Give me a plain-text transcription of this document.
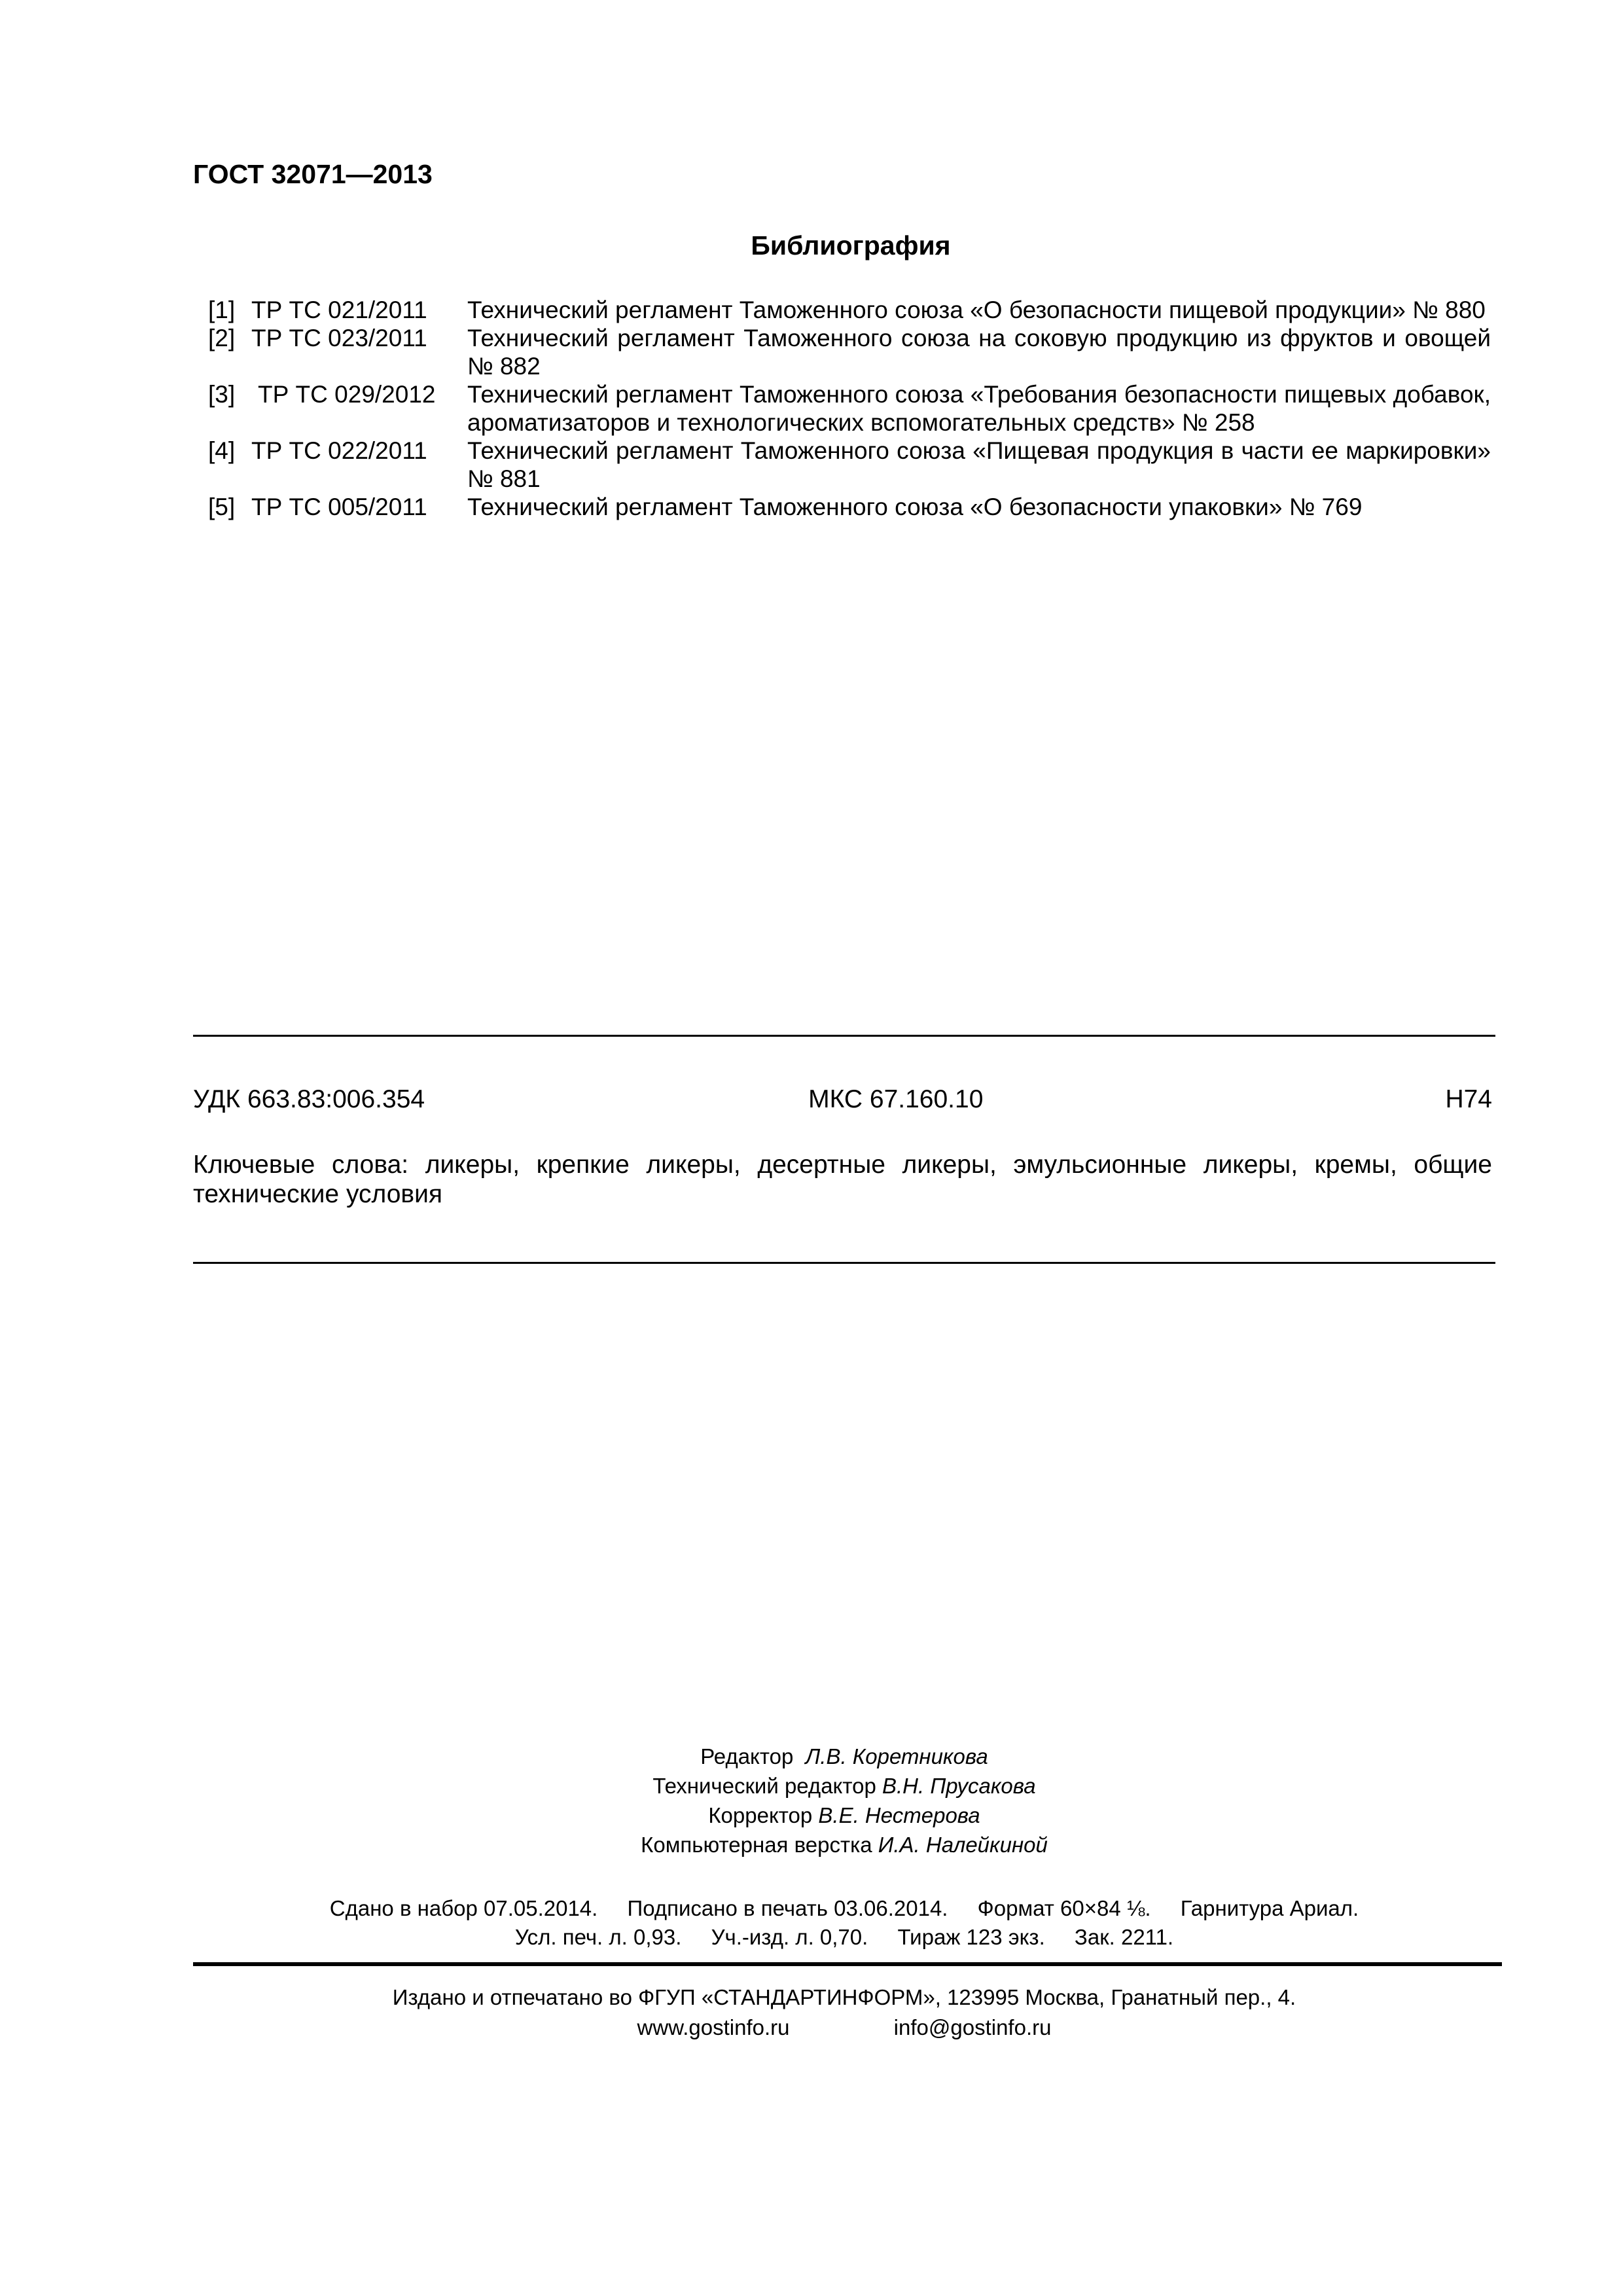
ГОСТ 32071—2013
Библиография
[1] ТР ТС 021/2011	Технический регламент Таможенного союза «О безопасности пищевой продукции» № 880
[2] ТР ТС 023/2011	Технический регламент Таможенного союза на соковую продукцию из фруктов и овощей № 882
[3] ТР ТС 029/2012	Технический регламент Таможенного союза «Требования безопасности пищевых добавок, ароматизаторов и технологических вспомогательных средств» № 258
[4] ТР ТС 022/2011	Технический регламент Таможенного союза «Пищевая продукция в части ее маркировки» № 881
[5] ТР ТС 005/2011	Технический регламент Таможенного союза «О безопасности упаковки» № 769
УДК 663.83:006.354	МКС 67.160.10	Н74
Ключевые слова: ликеры, крепкие ликеры, десертные ликеры, эмульсионные ликеры, кремы, общие технические условия
Редактор Л.В. Коретникова
Технический редактор В.Н. Прусакова
Корректор В.Е. Нестерова
Компьютерная верстка И.А. Налейкиной
Сдано в набор 07.05.2014. Подписано в печать 03.06.2014. Формат 60×84 ⅛. Гарнитура Ариал.
Усл. печ. л. 0,93. Уч.-изд. л. 0,70. Тираж 123 экз. Зак. 2211.
Издано и отпечатано во ФГУП «СТАНДАРТИНФОРМ», 123995 Москва, Гранатный пер., 4.
www.gostinfo.ru	info@gostinfo.ru
